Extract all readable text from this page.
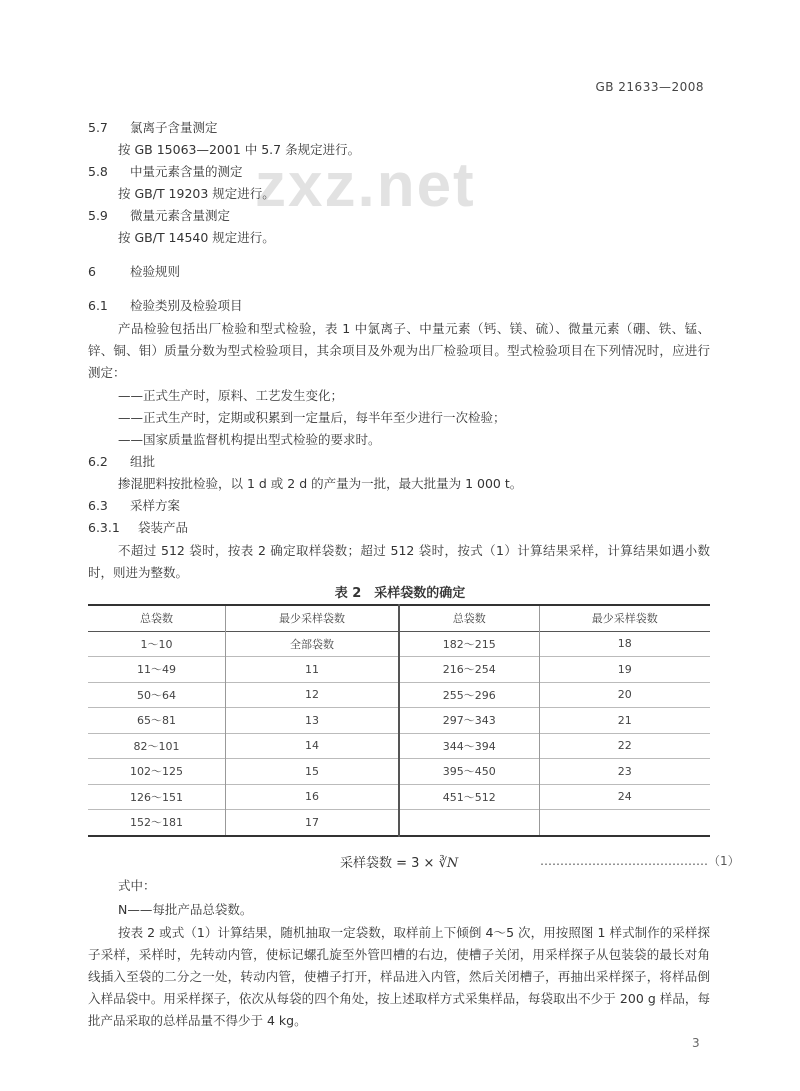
GB 21633—2008
zxz.net
5.7 氯离子含量测定
按 GB 15063—2001 中 5.7 条规定进行。
5.8 中量元素含量的测定
按 GB/T 19203 规定进行。
5.9 微量元素含量测定
按 GB/T 14540 规定进行。
6	检验规则
6.1 检验类别及检验项目
产品检验包括出厂检验和型式检验，表 1 中氯离子、中量元素（钙、镁、硫）、微量元素（硼、铁、锰、锌、铜、钼）质量分数为型式检验项目，其余项目及外观为出厂检验项目。型式检验项目在下列情况时，应进行测定：
——正式生产时，原料、工艺发生变化；
——正式生产时，定期或积累到一定量后，每半年至少进行一次检验；
——国家质量监督机构提出型式检验的要求时。
6.2 组批
掺混肥料按批检验，以 1 d 或 2 d 的产量为一批，最大批量为 1 000 t。
6.3 采样方案
6.3.1 袋装产品
不超过 512 袋时，按表 2 确定取样袋数；超过 512 袋时，按式（1）计算结果采样，计算结果如遇小数时，则进为整数。
表 2　采样袋数的确定
总袋数	最少采样袋数	总袋数	最少采样袋数
1～10	全部袋数	182～215	18
11～49	11	216～254	19
50～64	12	255～296	20
65～81	13	297～343	21
82～101	14	344～394	22
102～125	15	395～450	23
126～151	16	451～512	24
152～181	17		
采样袋数 = 3 × ∛N	……………………………………（1）
式中：
N——每批产品总袋数。
按表 2 或式（1）计算结果，随机抽取一定袋数，取样前上下倾倒 4～5 次，用按照图 1 样式制作的采样探子采样，采样时，先转动内管，使标记螺孔旋至外管凹槽的右边，使槽子关闭，用采样探子从包装袋的最长对角线插入至袋的二分之一处，转动内管，使槽子打开，样品进入内管，然后关闭槽子，再抽出采样探子，将样品倒入样品袋中。用采样探子，依次从每袋的四个角处，按上述取样方式采集样品，每袋取出不少于 200 g 样品，每批产品采取的总样品量不得少于 4 kg。
3
